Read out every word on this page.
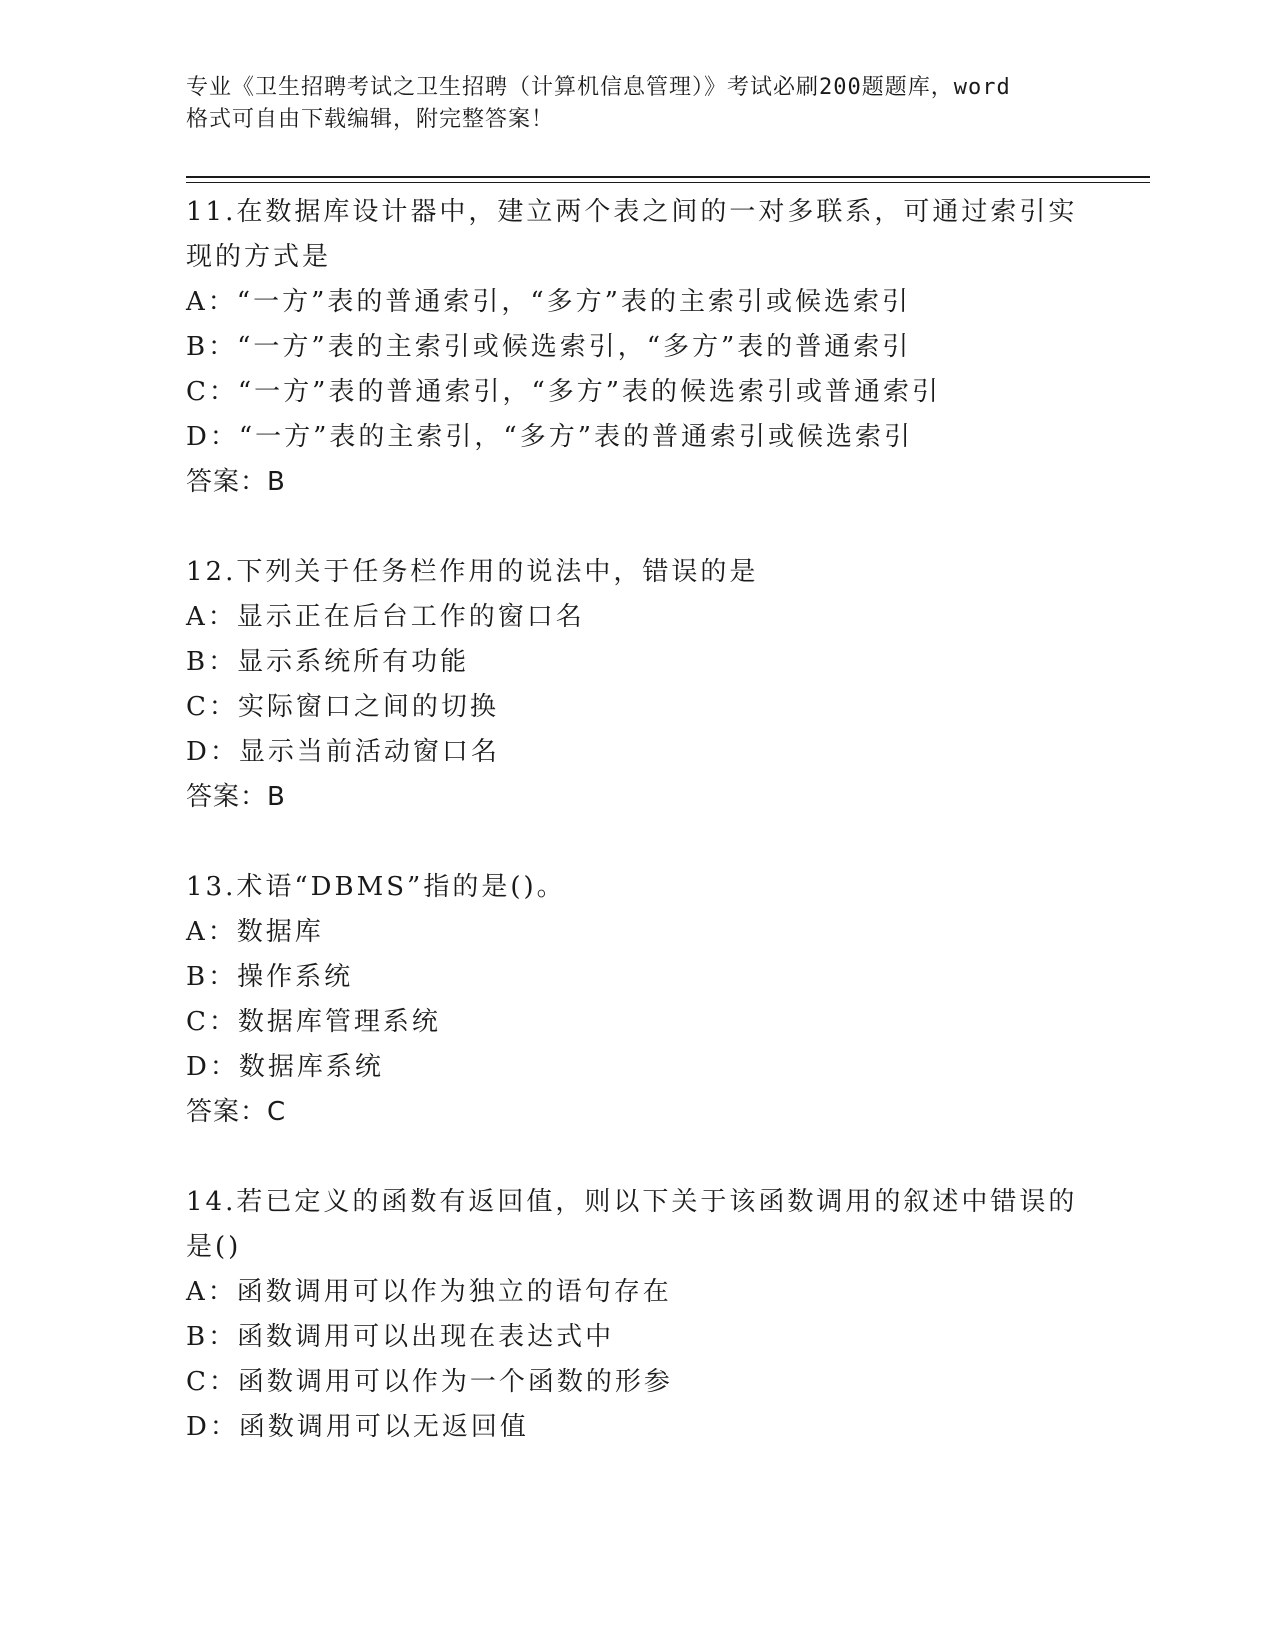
专业《卫生招聘考试之卫生招聘（计算机信息管理）》考试必刷200题题库，word
格式可自由下载编辑，附完整答案！
11.在数据库设计器中，建立两个表之间的一对多联系，可通过索引实
现的方式是
A：“一方”表的普通索引，“多方”表的主索引或候选索引
B：“一方”表的主索引或候选索引，“多方”表的普通索引
C：“一方”表的普通索引，“多方”表的候选索引或普通索引
D：“一方”表的主索引，“多方”表的普通索引或候选索引
答案：B
12.下列关于任务栏作用的说法中，错误的是
A：显示正在后台工作的窗口名
B：显示系统所有功能
C：实际窗口之间的切换
D：显示当前活动窗口名
答案：B
13.术语“DBMS”指的是()。
A：数据库
B：操作系统
C：数据库管理系统
D：数据库系统
答案：C
14.若已定义的函数有返回值，则以下关于该函数调用的叙述中错误的
是()
A：函数调用可以作为独立的语句存在
B：函数调用可以出现在表达式中
C：函数调用可以作为一个函数的形参
D：函数调用可以无返回值
